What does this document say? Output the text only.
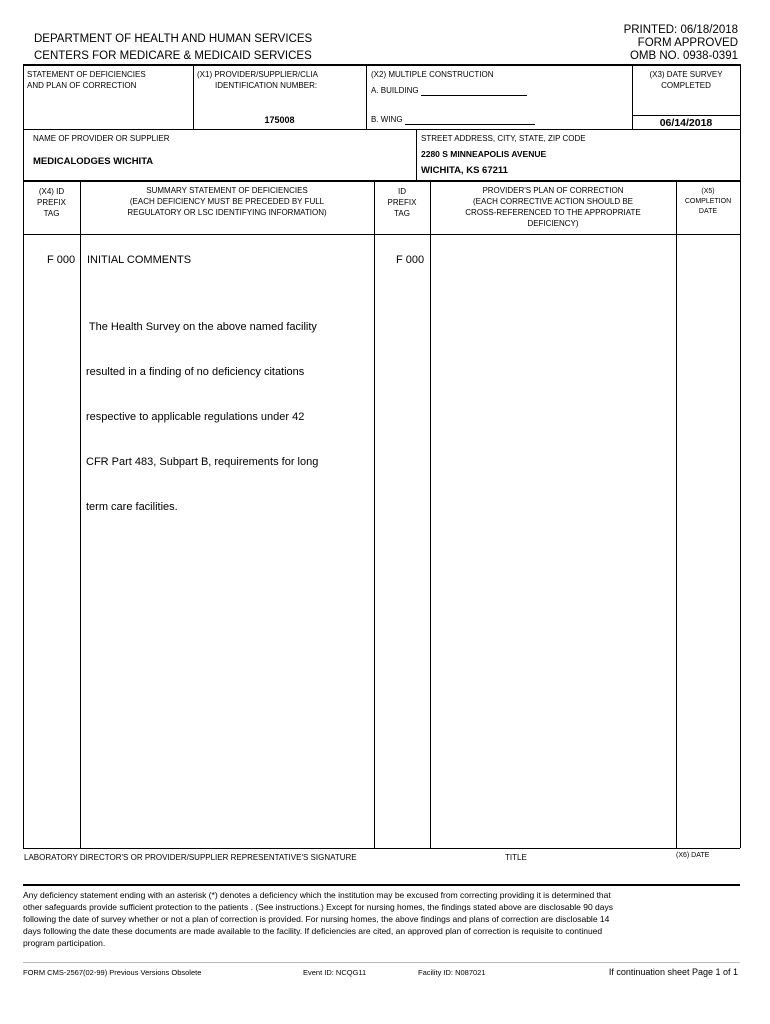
DEPARTMENT OF HEALTH AND HUMAN SERVICES
CENTERS FOR MEDICARE & MEDICAID SERVICES
PRINTED: 06/18/2018
FORM APPROVED
OMB NO. 0938-0391
STATEMENT OF DEFICIENCIES
AND PLAN OF CORRECTION
(X1) PROVIDER/SUPPLIER/CLIA
IDENTIFICATION NUMBER:
175008
(X2) MULTIPLE CONSTRUCTION
A. BUILDING
B. WING
(X3) DATE SURVEY
COMPLETED
06/14/2018
NAME OF PROVIDER OR SUPPLIER
MEDICALODGES WICHITA
STREET ADDRESS, CITY, STATE, ZIP CODE
2280 S MINNEAPOLIS AVENUE
WICHITA, KS 67211
(X4) ID
PREFIX
TAG
SUMMARY STATEMENT OF DEFICIENCIES
(EACH DEFICIENCY MUST BE PRECEDED BY FULL
REGULATORY OR LSC IDENTIFYING INFORMATION)
ID
PREFIX
TAG
PROVIDER'S PLAN OF CORRECTION
(EACH CORRECTIVE ACTION SHOULD BE
CROSS-REFERENCED TO THE APPROPRIATE
DEFICIENCY)
(X5)
COMPLETION
DATE
F 000 INITIAL COMMENTS	F 000

The Health Survey on the above named facility

resulted in a finding of no deficiency citations

respective to applicable regulations under 42

CFR Part 483, Subpart B, requirements for long

term care facilities.

LABORATORY DIRECTOR'S OR PROVIDER/SUPPLIER REPRESENTATIVE'S SIGNATURE	TITLE	(X6) DATE
Any deficiency statement ending with an asterisk (*) denotes a deficiency which the institution may be excused from correcting providing it is determined that
other safeguards provide sufficient protection to the patients . (See instructions.) Except for nursing homes, the findings stated above are disclosable 90 days
following the date of survey whether or not a plan of correction is provided. For nursing homes, the above findings and plans of correction are disclosable 14
days following the date these documents are made available to the facility. If deficiencies are cited, an approved plan of correction is requisite to continued
program participation.
FORM CMS-2567(02-99) Previous Versions Obsolete	Event ID: NCQG11	Facility ID: N087021	If continuation sheet Page 1 of 1
